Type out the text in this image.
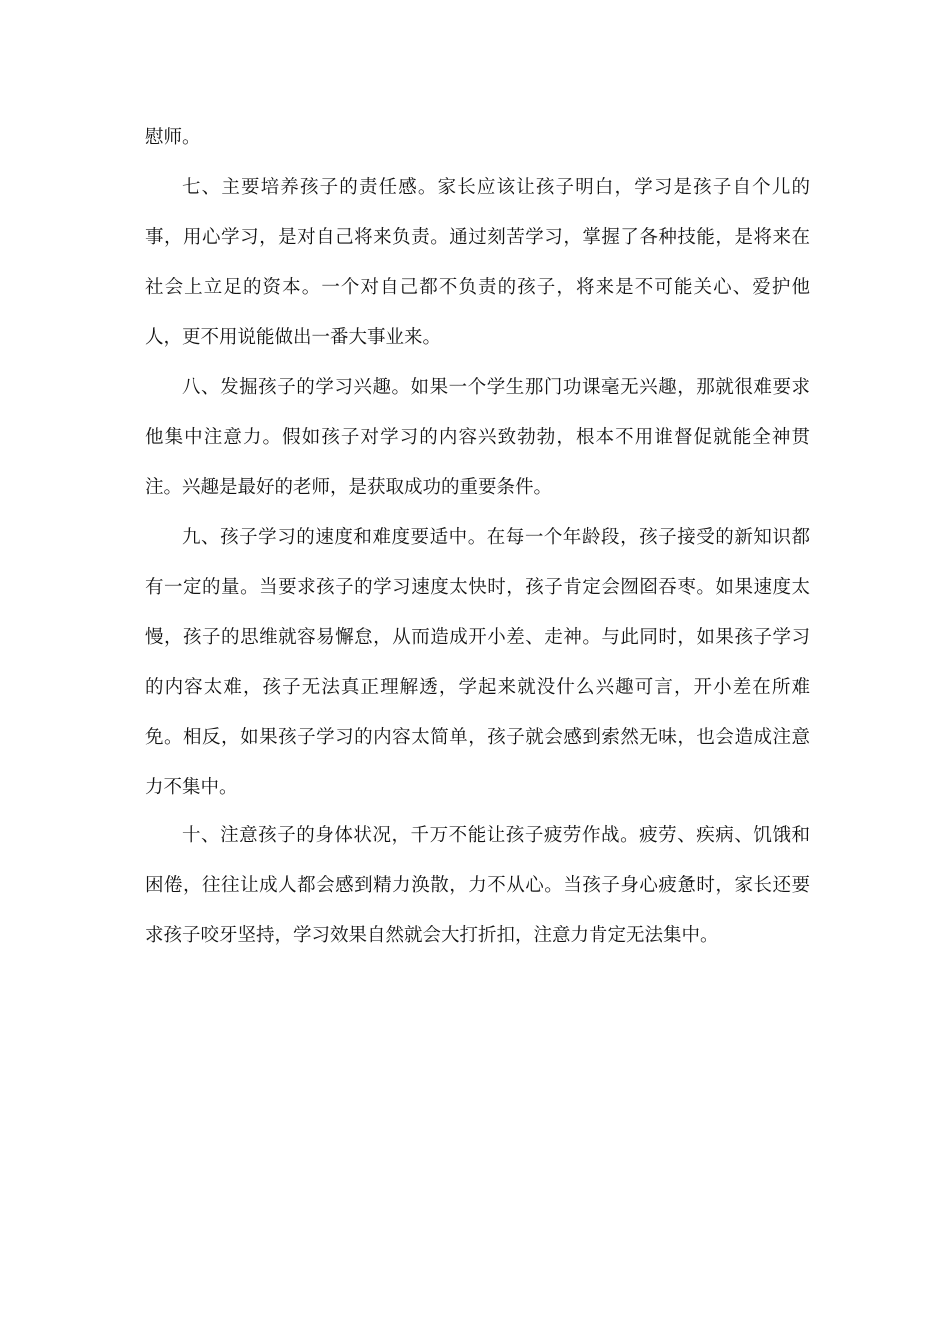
慰师。

七、主要培养孩子的责任感。家长应该让孩子明白，学习是孩子自个儿的事，用心学习，是对自己将来负责。通过刻苦学习，掌握了各种技能，是将来在社会上立足的资本。一个对自己都不负责的孩子，将来是不可能关心、爱护他人，更不用说能做出一番大事业来。

八、发掘孩子的学习兴趣。如果一个学生那门功课毫无兴趣，那就很难要求他集中注意力。假如孩子对学习的内容兴致勃勃，根本不用谁督促就能全神贯注。兴趣是最好的老师，是获取成功的重要条件。

九、孩子学习的速度和难度要适中。在每一个年龄段，孩子接受的新知识都有一定的量。当要求孩子的学习速度太快时，孩子肯定会囫囵吞枣。如果速度太慢，孩子的思维就容易懈怠，从而造成开小差、走神。与此同时，如果孩子学习的内容太难，孩子无法真正理解透，学起来就没什么兴趣可言，开小差在所难免。相反，如果孩子学习的内容太简单，孩子就会感到索然无味，也会造成注意力不集中。

十、注意孩子的身体状况，千万不能让孩子疲劳作战。疲劳、疾病、饥饿和困倦，往往让成人都会感到精力涣散，力不从心。当孩子身心疲惫时，家长还要求孩子咬牙坚持，学习效果自然就会大打折扣，注意力肯定无法集中。
